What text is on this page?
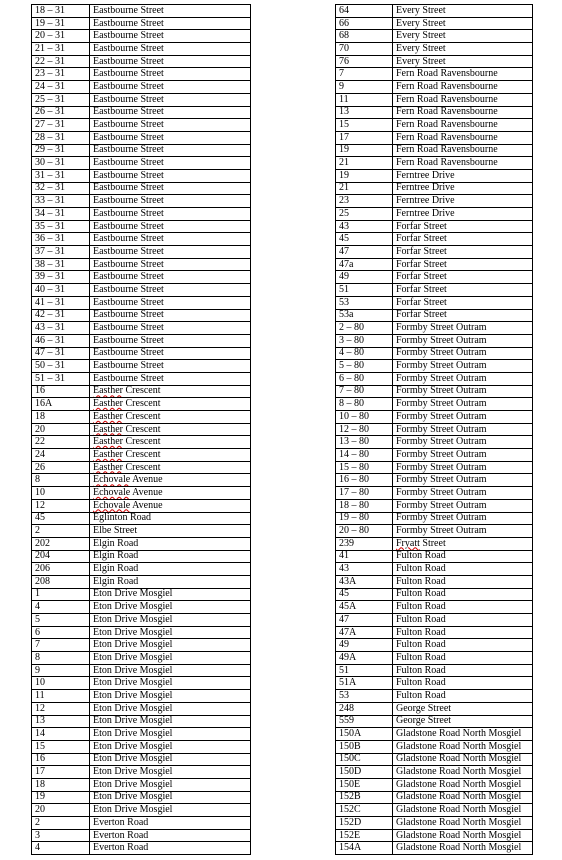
18 – 31	Eastbourne Street
19 – 31	Eastbourne Street
20 – 31	Eastbourne Street
21 – 31	Eastbourne Street
22 – 31	Eastbourne Street
23 – 31	Eastbourne Street
24 – 31	Eastbourne Street
25 – 31	Eastbourne Street
26 – 31	Eastbourne Street
27 – 31	Eastbourne Street
28 – 31	Eastbourne Street
29 – 31	Eastbourne Street
30 – 31	Eastbourne Street
31 – 31	Eastbourne Street
32 – 31	Eastbourne Street
33 – 31	Eastbourne Street
34 – 31	Eastbourne Street
35 – 31	Eastbourne Street
36 – 31	Eastbourne Street
37 – 31	Eastbourne Street
38 – 31	Eastbourne Street
39 – 31	Eastbourne Street
40 – 31	Eastbourne Street
41 – 31	Eastbourne Street
42 – 31	Eastbourne Street
43 – 31	Eastbourne Street
46 – 31	Eastbourne Street
47 – 31	Eastbourne Street
50 – 31	Eastbourne Street
51 – 31	Eastbourne Street
16	Easther Crescent
16A	Easther Crescent
18	Easther Crescent
20	Easther Crescent
22	Easther Crescent
24	Easther Crescent
26	Easther Crescent
8	Echovale Avenue
10	Echovale Avenue
12	Echovale Avenue
45	Eglinton Road
2	Elbe Street
202	Elgin Road
204	Elgin Road
206	Elgin Road
208	Elgin Road
1	Eton Drive Mosgiel
4	Eton Drive Mosgiel
5	Eton Drive Mosgiel
6	Eton Drive Mosgiel
7	Eton Drive Mosgiel
8	Eton Drive Mosgiel
9	Eton Drive Mosgiel
10	Eton Drive Mosgiel
11	Eton Drive Mosgiel
12	Eton Drive Mosgiel
13	Eton Drive Mosgiel
14	Eton Drive Mosgiel
15	Eton Drive Mosgiel
16	Eton Drive Mosgiel
17	Eton Drive Mosgiel
18	Eton Drive Mosgiel
19	Eton Drive Mosgiel
20	Eton Drive Mosgiel
2	Everton Road
3	Everton Road
4	Everton Road
64	Every Street
66	Every Street
68	Every Street
70	Every Street
76	Every Street
7	Fern Road Ravensbourne
9	Fern Road Ravensbourne
11	Fern Road Ravensbourne
13	Fern Road Ravensbourne
15	Fern Road Ravensbourne
17	Fern Road Ravensbourne
19	Fern Road Ravensbourne
21	Fern Road Ravensbourne
19	Ferntree Drive
21	Ferntree Drive
23	Ferntree Drive
25	Ferntree Drive
43	Forfar Street
45	Forfar Street
47	Forfar Street
47a	Forfar Street
49	Forfar Street
51	Forfar Street
53	Forfar Street
53a	Forfar Street
2 – 80	Formby Street Outram
3 – 80	Formby Street Outram
4 – 80	Formby Street Outram
5 – 80	Formby Street Outram
6 – 80	Formby Street Outram
7 – 80	Formby Street Outram
8 – 80	Formby Street Outram
10 – 80	Formby Street Outram
12 – 80	Formby Street Outram
13 – 80	Formby Street Outram
14 – 80	Formby Street Outram
15 – 80	Formby Street Outram
16 – 80	Formby Street Outram
17 – 80	Formby Street Outram
18 – 80	Formby Street Outram
19 – 80	Formby Street Outram
20 – 80	Formby Street Outram
239	Fryatt Street
41	Fulton Road
43	Fulton Road
43A	Fulton Road
45	Fulton Road
45A	Fulton Road
47	Fulton Road
47A	Fulton Road
49	Fulton Road
49A	Fulton Road
51	Fulton Road
51A	Fulton Road
53	Fulton Road
248	George Street
559	George Street
150A	Gladstone Road North Mosgiel
150B	Gladstone Road North Mosgiel
150C	Gladstone Road North Mosgiel
150D	Gladstone Road North Mosgiel
150E	Gladstone Road North Mosgiel
152B	Gladstone Road North Mosgiel
152C	Gladstone Road North Mosgiel
152D	Gladstone Road North Mosgiel
152E	Gladstone Road North Mosgiel
154A	Gladstone Road North Mosgiel
